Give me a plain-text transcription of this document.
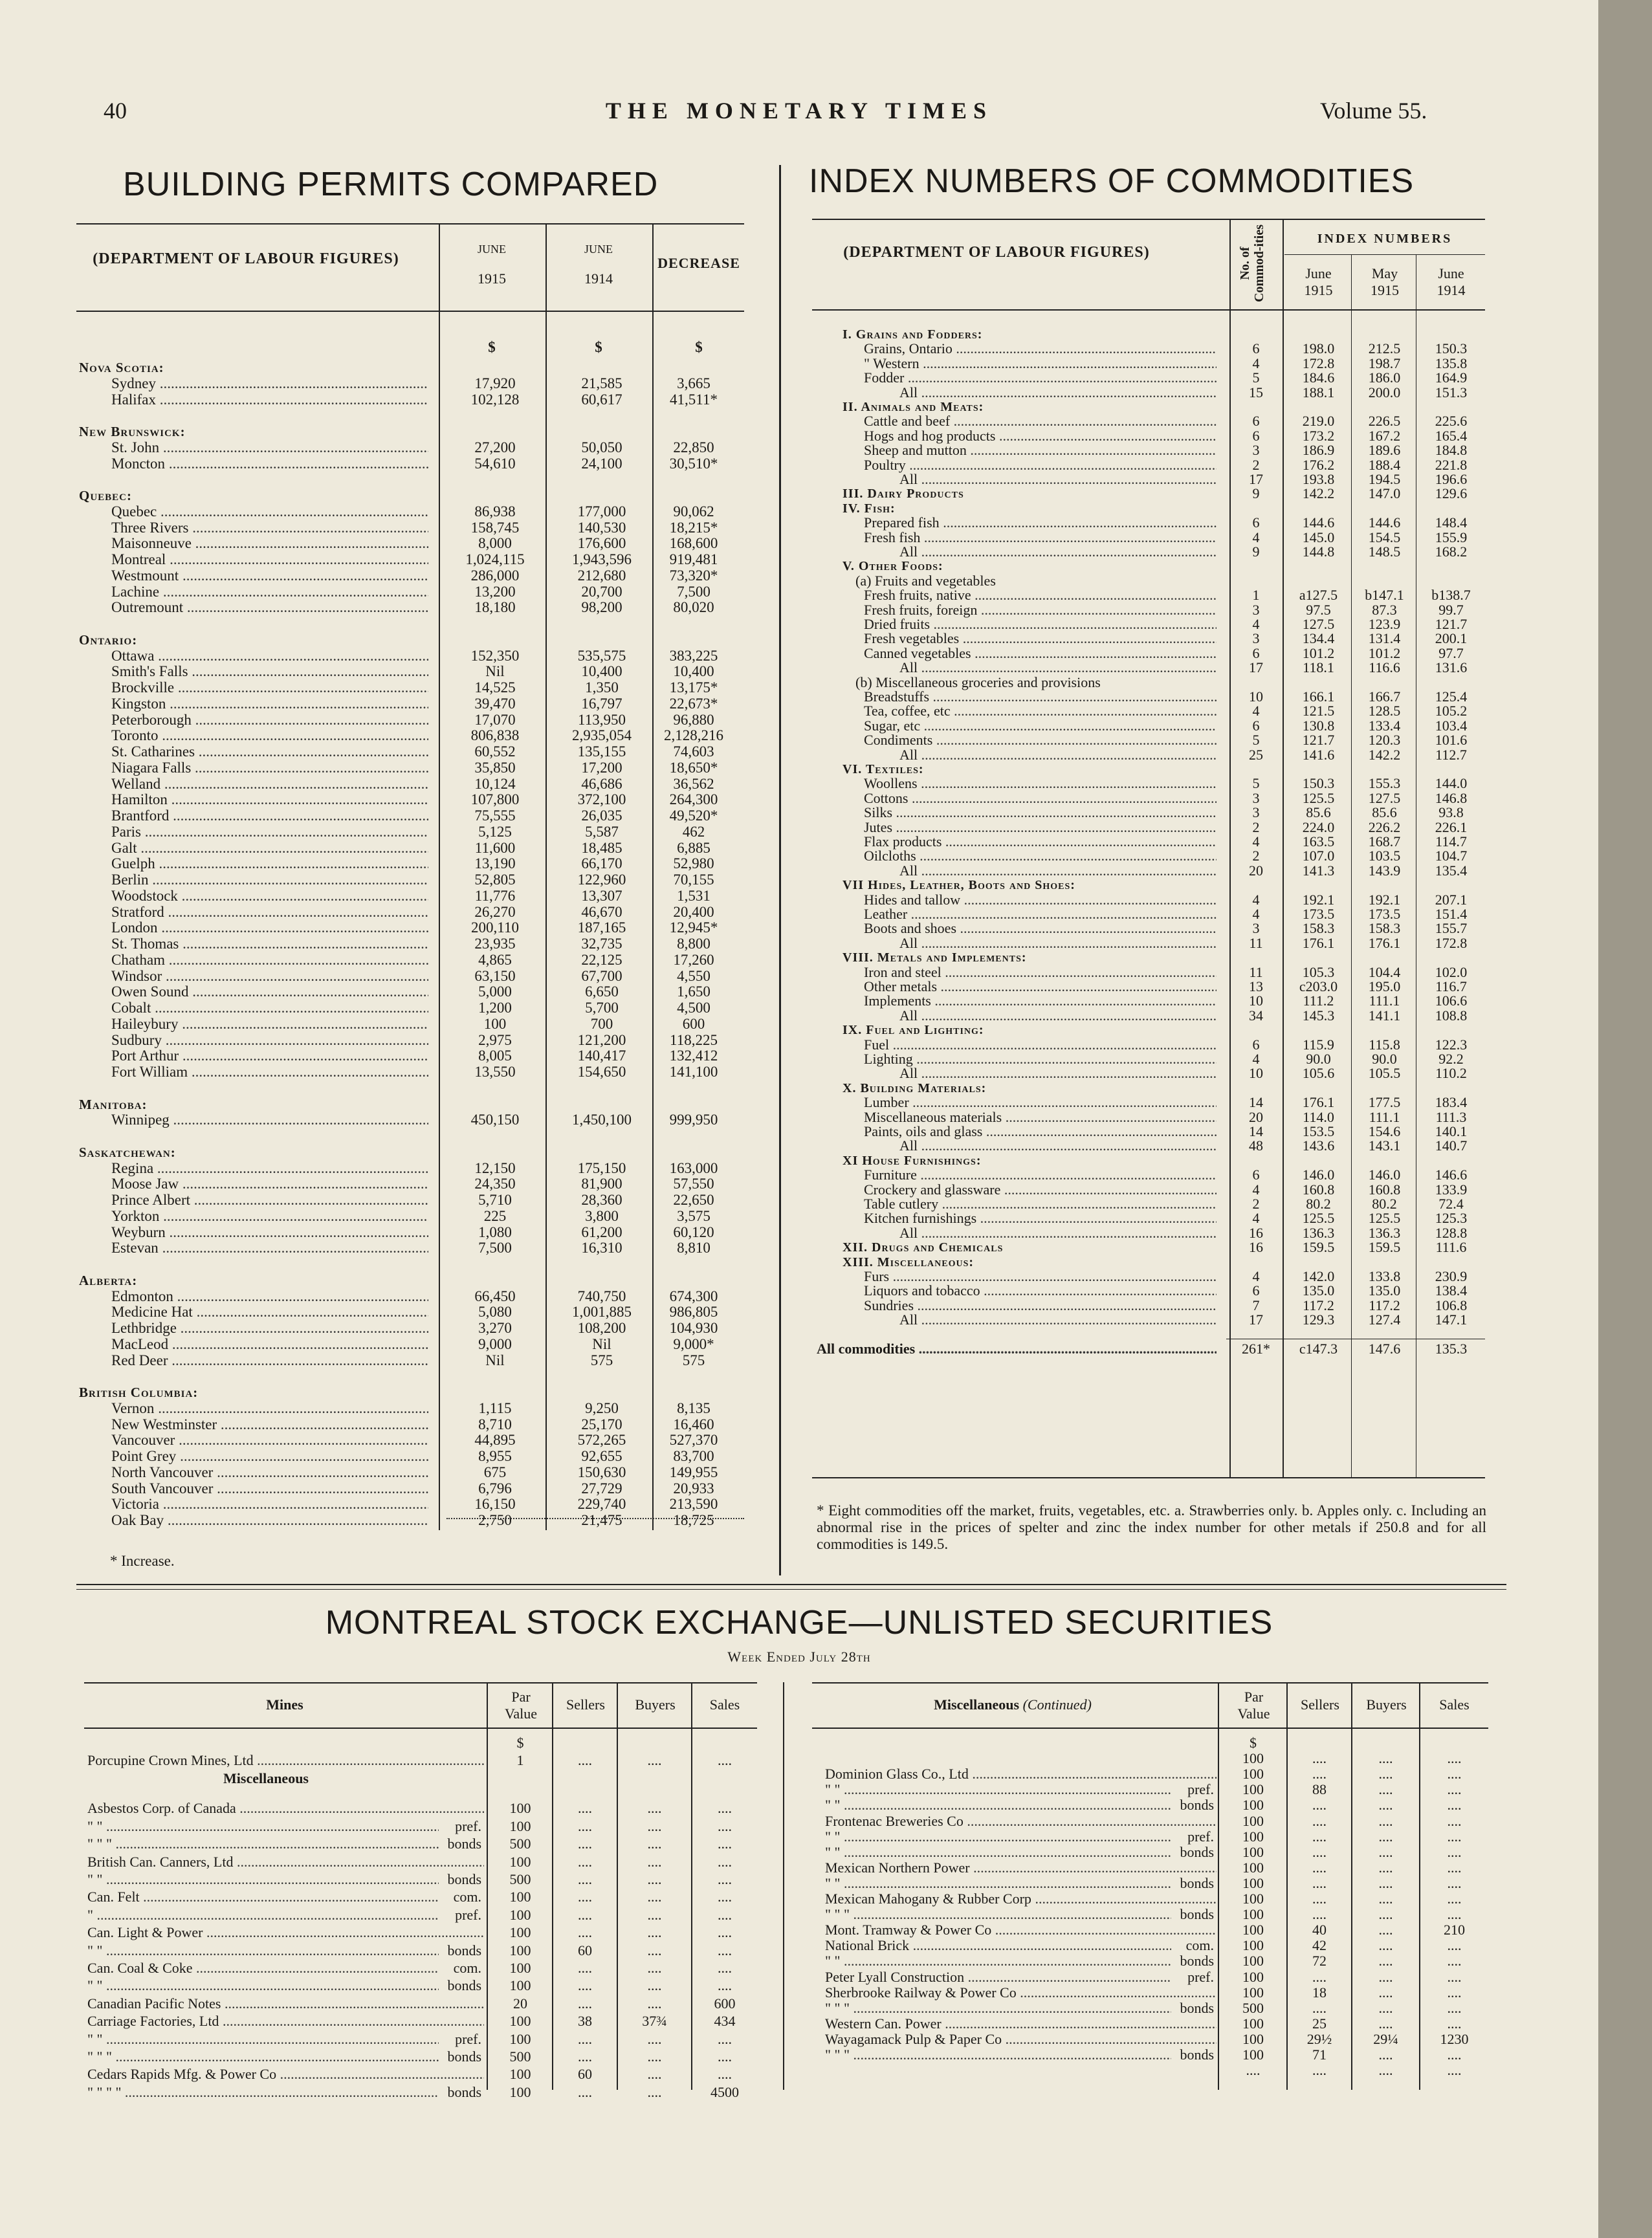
40	THE MONETARY TIMES	Volume 55.
BUILDING PERMITS COMPARED
(DEPARTMENT OF LABOUR FIGURES)
JUNE
1915
JUNE
1914
DECREASE
$	$	$
Nova Scotia:
Sydney .....	17,920	21,585	3,665
Halifax .....	102,128	60,617	41,511*
New Brunswick:
St. John .....	27,200	50,050	22,850
Moncton .....	54,610	24,100	30,510*
Quebec:
Quebec .....	86,938	177,000	90,062
Three Rivers .....	158,745	140,530	18,215*
Maisonneuve .....	8,000	176,600	168,600
Montreal .....	1,024,115	1,943,596	919,481
Westmount .....	286,000	212,680	73,320*
Lachine .....	13,200	20,700	7,500
Outremount .....	18,180	98,200	80,020
Ontario:
Ottawa .....	152,350	535,575	383,225
Smith's Falls .....	Nil	10,400	10,400
Brockville .....	14,525	1,350	13,175*
Kingston .....	39,470	16,797	22,673*
Peterborough .....	17,070	113,950	96,880
Toronto .....	806,838	2,935,054	2,128,216
St. Catharines .....	60,552	135,155	74,603
Niagara Falls .....	35,850	17,200	18,650*
Welland .....	10,124	46,686	36,562
Hamilton .....	107,800	372,100	264,300
Brantford .....	75,555	26,035	49,520*
Paris .....	5,125	5,587	462
Galt .....	11,600	18,485	6,885
Guelph .....	13,190	66,170	52,980
Berlin .....	52,805	122,960	70,155
Woodstock .....	11,776	13,307	1,531
Stratford .....	26,270	46,670	20,400
London .....	200,110	187,165	12,945*
St. Thomas .....	23,935	32,735	8,800
Chatham .....	4,865	22,125	17,260
Windsor .....	63,150	67,700	4,550
Owen Sound .....	5,000	6,650	1,650
Cobalt .....	1,200	5,700	4,500
Haileybury .....	100	700	600
Sudbury .....	2,975	121,200	118,225
Port Arthur .....	8,005	140,417	132,412
Fort William .....	13,550	154,650	141,100
Manitoba:
Winnipeg .....	450,150	1,450,100	999,950
Saskatchewan:
Regina .....	12,150	175,150	163,000
Moose Jaw .....	24,350	81,900	57,550
Prince Albert .....	5,710	28,360	22,650
Yorkton .....	225	3,800	3,575
Weyburn .....	1,080	61,200	60,120
Estevan .....	7,500	16,310	8,810
Alberta:
Edmonton .....	66,450	740,750	674,300
Medicine Hat .....	5,080	1,001,885	986,805
Lethbridge .....	3,270	108,200	104,930
MacLeod .....	9,000	Nil	9,000*
Red Deer .....	Nil	575	575
British Columbia:
Vernon .....	1,115	9,250	8,135
New Westminster .....	8,710	25,170	16,460
Vancouver .....	44,895	572,265	527,370
Point Grey .....	8,955	92,655	83,700
North Vancouver .....	675	150,630	149,955
South Vancouver .....	6,796	27,729	20,933
Victoria .....	16,150	229,740	213,590
Oak Bay .....	2,750	21,475	18,725
* Increase.
INDEX NUMBERS OF COMMODITIES
(DEPARTMENT OF LABOUR FIGURES)	No. of Commod-ities	INDEX NUMBERS
June
1915
May
1915
June
1914
I. Grains and Fodders:
Grains, Ontario .....	6	198.0	212.5	150.3
" Western .....	4	172.8	198.7	135.8
Fodder .....	5	184.6	186.0	164.9
All .....	15	188.1	200.0	151.3
II. Animals and Meats:
Cattle and beef .....	6	219.0	226.5	225.6
Hogs and hog products .....	6	173.2	167.2	165.4
Sheep and mutton .....	3	186.9	189.6	184.8
Poultry .....	2	176.2	188.4	221.8
All .....	17	193.8	194.5	196.6
III. Dairy Products	9	142.2	147.0	129.6
IV. Fish:
Prepared fish .....	6	144.6	144.6	148.4
Fresh fish .....	4	145.0	154.5	155.9
All .....	9	144.8	148.5	168.2
V. Other Foods:
(a) Fruits and vegetables
Fresh fruits, native .....	1	a127.5	b147.1	b138.7
Fresh fruits, foreign .....	3	97.5	87.3	99.7
Dried fruits .....	4	127.5	123.9	121.7
Fresh vegetables .....	3	134.4	131.4	200.1
Canned vegetables .....	6	101.2	101.2	97.7
All .....	17	118.1	116.6	131.6
(b) Miscellaneous groceries and provisions
Breadstuffs .....	10	166.1	166.7	125.4
Tea, coffee, etc .....	4	121.5	128.5	105.2
Sugar, etc .....	6	130.8	133.4	103.4
Condiments .....	5	121.7	120.3	101.6
All .....	25	141.6	142.2	112.7
VI. Textiles:
Woollens .....	5	150.3	155.3	144.0
Cottons .....	3	125.5	127.5	146.8
Silks .....	3	85.6	85.6	93.8
Jutes .....	2	224.0	226.2	226.1
Flax products .....	4	163.5	168.7	114.7
Oilcloths .....	2	107.0	103.5	104.7
All .....	20	141.3	143.9	135.4
VII Hides, Leather, Boots and Shoes:
Hides and tallow .....	4	192.1	192.1	207.1
Leather .....	4	173.5	173.5	151.4
Boots and shoes .....	3	158.3	158.3	155.7
All .....	11	176.1	176.1	172.8
VIII. Metals and Implements:
Iron and steel .....	11	105.3	104.4	102.0
Other metals .....	13	c203.0	195.0	116.7
Implements .....	10	111.2	111.1	106.6
All .....	34	145.3	141.1	108.8
IX. Fuel and Lighting:
Fuel .....	6	115.9	115.8	122.3
Lighting .....	4	90.0	90.0	92.2
All .....	10	105.6	105.5	110.2
X. Building Materials:
Lumber .....	14	176.1	177.5	183.4
Miscellaneous materials .....	20	114.0	111.1	111.3
Paints, oils and glass .....	14	153.5	154.6	140.1
All .....	48	143.6	143.1	140.7
XI House Furnishings:
Furniture .....	6	146.0	146.0	146.6
Crockery and glassware .....	4	160.8	160.8	133.9
Table cutlery .....	2	80.2	80.2	72.4
Kitchen furnishings .....	4	125.5	125.5	125.3
All .....	16	136.3	136.3	128.8
XII. Drugs and Chemicals	16	159.5	159.5	111.6
XIII. Miscellaneous:
Furs .....	4	142.0	133.8	230.9
Liquors and tobacco .....	6	135.0	135.0	138.4
Sundries .....	7	117.2	117.2	106.8
All .....	17	129.3	127.4	147.1
All commodities .....	261*	c147.3	147.6	135.3
* Eight commodities off the market, fruits, vegetables, etc. a. Strawberries only. b. Apples only. c. Including an abnormal rise in the prices of spelter and zinc the index number for other metals if 250.8 and for all commodities is 149.5.
MONTREAL STOCK EXCHANGE—UNLISTED SECURITIES
Week Ended July 28th
Mines	Miscellaneous (Continued)
Par
Value
Sellers	Buyers	Sales	Par
Value
Sellers	Buyers	Sales
$
Porcupine Crown Mines, Ltd .....	1	....	....	....
Miscellaneous
Asbestos Corp. of Canada .....	100	....	....	....
" " .....	pref.	100	....	....	....
" " " .....	bonds	500	....	....	....
British Can. Canners, Ltd .....	100	....	....	....
" " .....	bonds	500	....	....	....
Can. Felt .....	com.	100	....	....	....
" .....	pref.	100	....	....	....
Can. Light & Power .....	100	....	....	....
" " .....	bonds	100	60	....	....
Can. Coal & Coke .....	com.	100	....	....	....
" " .....	bonds	100	....	....	....
Canadian Pacific Notes .....	20	....	....	600
Carriage Factories, Ltd .....	100	38	37¾	434
" " .....	pref.	100	....	....	....
" " " .....	bonds	500	....	....	....
Cedars Rapids Mfg. & Power Co .....	100	60	....	....
" " " " .....	bonds	100	....	....	4500
$
100	....	....	....
Dominion Glass Co., Ltd .....	100	....	....	....
" " .....	pref.	100	88	....	....
" " .....	bonds	100	....	....	....
Frontenac Breweries Co .....	100	....	....	....
" " .....	pref.	100	....	....	....
" " .....	bonds	100	....	....	....
Mexican Northern Power .....	100	....	....	....
" " .....	bonds	100	....	....	....
Mexican Mahogany & Rubber Corp .....	100	....	....	....
" " " .....	bonds	100	....	....	....
Mont. Tramway & Power Co .....	100	40	....	210
National Brick .....	com.	100	42	....	....
" " .....	bonds	100	72	....	....
Peter Lyall Construction .....	pref.	100	....	....	....
Sherbrooke Railway & Power Co .....	100	18	....	....
" " " .....	bonds	500	....	....	....
Western Can. Power .....	100	25	....	....
Wayagamack Pulp & Paper Co .....	100	29½	29¼	1230
" " " .....	bonds	100	71	....	....
....	....	....	....
